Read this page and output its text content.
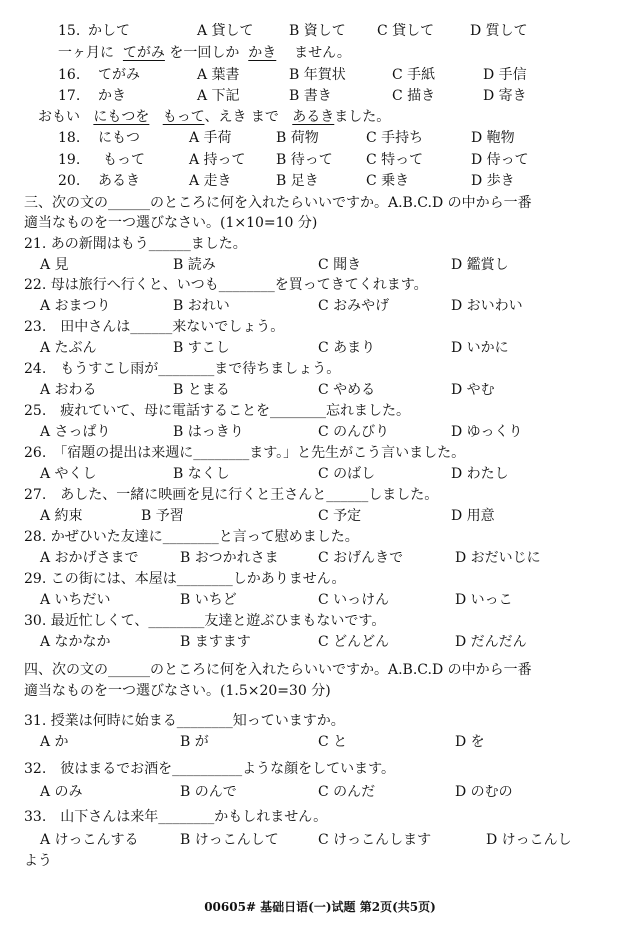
15. かして	A 貸して	B 資して C 貸して	D 質して
一ヶ月に てがみ を一回しか かき ません。
16. てがみ	A 葉書	B 年賀状	C 手紙	D 手信
17. かき	A 下記	B 書き	C 描き	D 寄き
おもい にもつを もって、えき まで あるきました。
18. にもつ	A 手荷	B 荷物	C 手持ち	D 鞄物
19. もって	A 持って B 待って C 特って	D 侍って
20. あるき	A 走き	B 足き	C 乗き	D 歩き
三、次の文の______のところに何を入れたらいいですか。A.B.C.D の中から一番
適当なものを一つ選びなさい。(1×10=10 分)
21. あの新聞はもう______ました。
A 見	B 読み	C 聞き	D 鑑賞し
22. 母は旅行へ行くと、いつも________を買ってきてくれます。
A おまつり	B おれい	C おみやげ	D おいわい
23.　田中さんは______来ないでしょう。
A たぶん	B すこし	C あまり	D いかに
24.　もうすこし雨が________まで待ちましょう。
A おわる	B とまる	C やめる	D やむ
25.　疲れていて、母に電話することを________忘れました。
A さっぱり	B はっきり	C のんびり	D ゆっくり
26.　「宿題の提出は来週に________ます。」と先生がこう言いました。
A やくし	B なくし	C のばし	D わたし
27.　あした、一緒に映画を見に行くと王さんと______しました。
A 約束	B 予習	C 予定	D 用意
28. かぜひいた友達に________と言って慰めました。
A おかげさまで	B おつかれさま	C おげんきで	D おだいじに
29. この街には、本屋は________しかありません。
A いちだい	B いちど	C いっけん	D いっこ
30. 最近忙しくて、________友達と遊ぶひまもないです。
A なかなか	B ますます	C どんどん	D だんだん
四、次の文の______のところに何を入れたらいいですか。A.B.C.D の中から一番
適当なものを一つ選びなさい。(1.5×20=30 分)
31. 授業は何時に始まる________知っていますか。
A か	B が	C と	D を
32.　彼はまるでお酒を__________ような顔をしています。
A のみ	B のんで	C のんだ	D のむの
33.　山下さんは来年________かもしれません。
A けっこんする	B けっこんして	C けっこんします	D けっこんし
よう
00605# 基础日语(一)试题 第2页(共5页)
